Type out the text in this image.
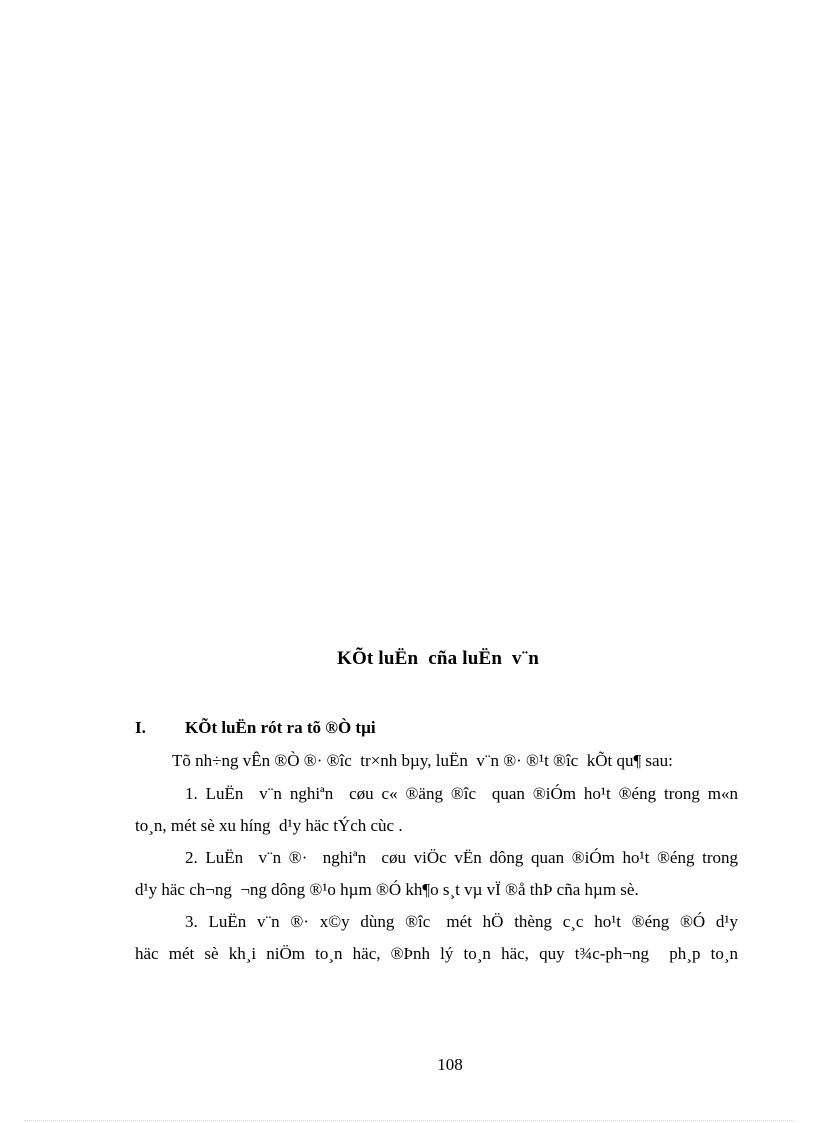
KÕt luËn  cña luËn  v¨n
I. KÕt luËn rót ra tõ ®Ò tµi
Tõ nh÷ng vÊn ®Ò ®· ®îc  tr×nh bµy, luËn  v¨n ®· ®¹t ®îc  kÕt qu¶ sau:
1. LuËn  v¨n nghiªn  cøu c« ®äng ®îc  quan ®iÓm ho¹t ®éng trong m«n
to¸n, mét sè xu híng  d¹y häc tÝch cùc .
2. LuËn  v¨n ®·  nghiªn  cøu viÖc vËn dông quan ®iÓm ho¹t ®éng trong
d¹y häc ch¬ng  ¬ng dông ®¹o hµm ®Ó kh¶o s¸t vµ vÏ ®å thÞ cña hµm sè.
3.  LuËn  v¨n  ®·  x©y  dùng  ®îc   mét  hÖ  thèng  c¸c  ho¹t  ®éng  ®Ó  d¹y
häc mét sè kh¸i niÖm to¸n häc, ®Þnh lý to¸n häc, quy t¾c-ph¬ng  ph¸p to¸n
108
